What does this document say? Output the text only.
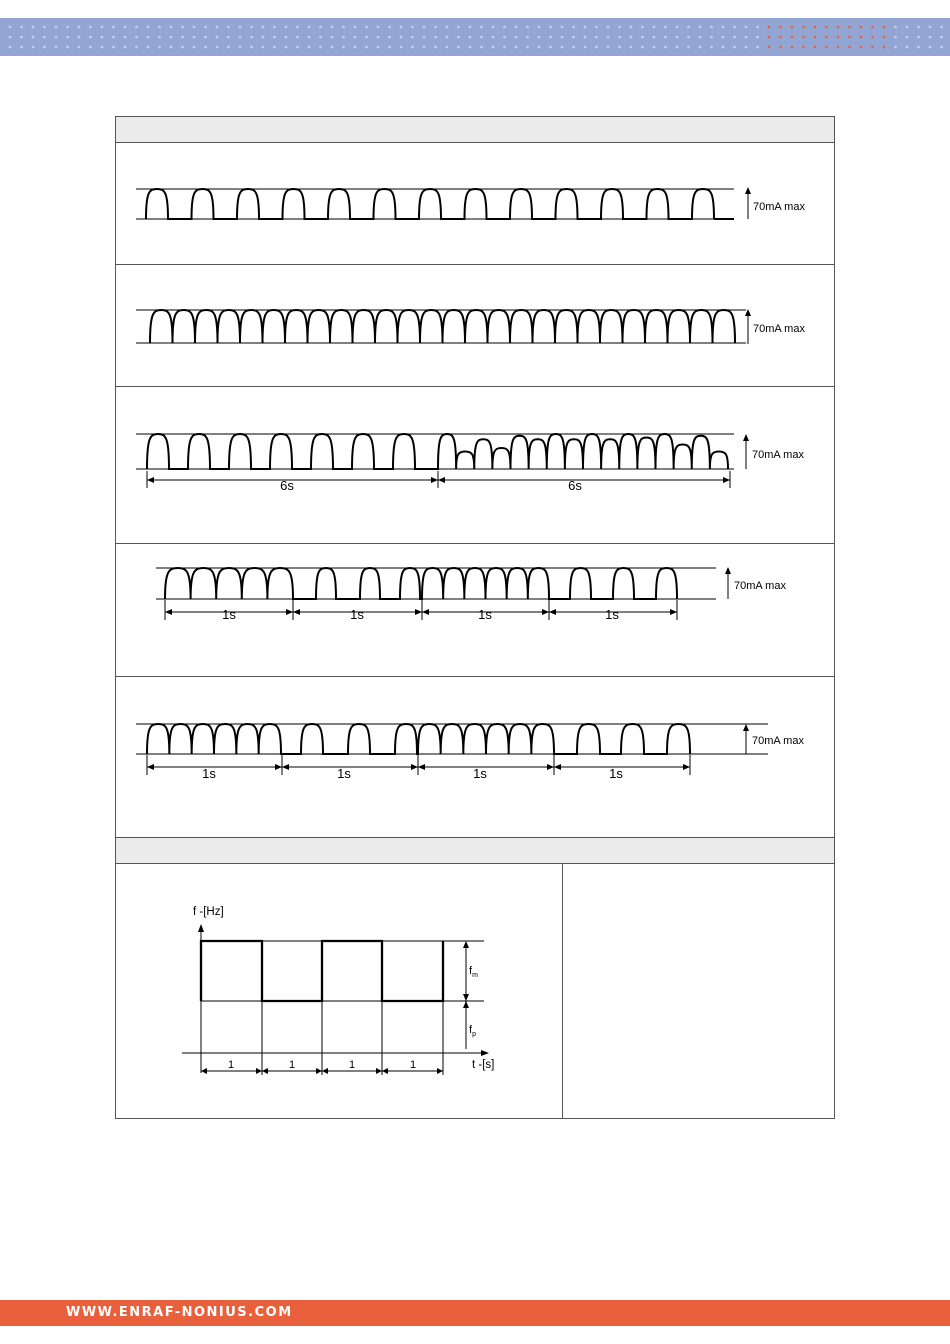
70mA max
70mA max
70mA max
6s	6s
70mA max
1s	1s	1s	1s
70mA max
1s	1s	1s	1s
f -[Hz]
t -[s]
$f_m$
$f_p$
1	1	1	1
WWW.ENRAF-NONIUS.COM
